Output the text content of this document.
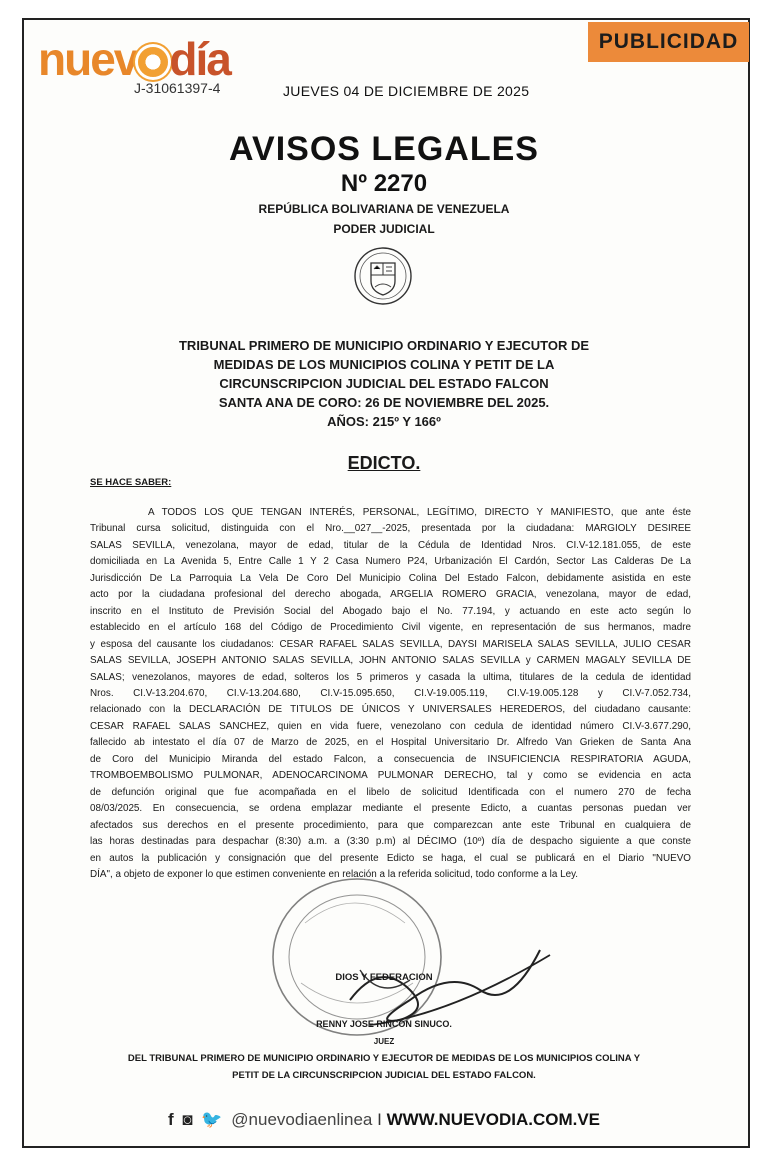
nuev día
J-31061397-4	JUEVES 04 DE DICIEMBRE DE 2025
PUBLICIDAD
AVISOS LEGALES
Nº 2270
REPÚBLICA BOLIVARIANA DE VENEZUELA
PODER JUDICIAL
TRIBUNAL PRIMERO DE MUNICIPIO ORDINARIO Y EJECUTOR DE
MEDIDAS DE LOS MUNICIPIOS COLINA Y PETIT DE LA
CIRCUNSCRIPCION JUDICIAL DEL ESTADO FALCON
SANTA ANA DE CORO: 26 DE NOVIEMBRE DEL 2025.
AÑOS: 215º Y 166º
EDICTO.
SE HACE SABER:
A TODOS LOS QUE TENGAN INTERÉS, PERSONAL, LEGÍTIMO, DIRECTO Y MANIFIESTO, que ante éste
Tribunal cursa solicitud, distinguida con el Nro.__027__-2025, presentada por la ciudadana: MARGIOLY DESIREE
SALAS SEVILLA, venezolana, mayor de edad, titular de la Cédula de Identidad Nros. CI.V-12.181.055, de este
domiciliada en La Avenida 5, Entre Calle 1 Y 2 Casa Numero P24, Urbanización El Cardón, Sector Las Calderas De La
Jurisdicción De La Parroquia La Vela De Coro Del Municipio Colina Del Estado Falcon, debidamente asistida en este
acto por la ciudadana profesional del derecho abogada, ARGELIA ROMERO GRACIA, venezolana, mayor de edad,
inscrito en el Instituto de Previsión Social del Abogado bajo el No. 77.194, y actuando en este acto según lo
establecido en el artículo 168 del Código de Procedimiento Civil vigente, en representación de sus hermanos, madre
y esposa del causante los ciudadanos: CESAR RAFAEL SALAS SEVILLA, DAYSI MARISELA SALAS SEVILLA, JULIO CESAR
SALAS SEVILLA, JOSEPH ANTONIO SALAS SEVILLA, JOHN ANTONIO SALAS SEVILLA y CARMEN MAGALY SEVILLA DE
SALAS; venezolanos, mayores de edad, solteros los 5 primeros y casada la ultima, titulares de la cedula de identidad
Nros. CI.V-13.204.670, CI.V-13.204.680, CI.V-15.095.650, CI.V-19.005.119, CI.V-19.005.128 y CI.V-7.052.734,
relacionado con la DECLARACIÓN DE TITULOS DE ÚNICOS Y UNIVERSALES HEREDEROS, del ciudadano causante:
CESAR RAFAEL SALAS SANCHEZ, quien en vida fuere, venezolano con cedula de identidad número CI.V-3.677.290,
fallecido ab intestato el día 07 de Marzo de 2025, en el Hospital Universitario Dr. Alfredo Van Grieken de Santa Ana
de Coro del Municipio Miranda del estado Falcon, a consecuencia de INSUFICIENCIA RESPIRATORIA AGUDA,
TROMBOEMBOLISMO PULMONAR, ADENOCARCINOMA PULMONAR DERECHO, tal y como se evidencia en acta
de defunción original que fue acompañada en el libelo de solicitud Identificada con el numero 270 de fecha
08/03/2025. En consecuencia, se ordena emplazar mediante el presente Edicto, a cuantas personas puedan ver
afectados sus derechos en el presente procedimiento, para que comparezcan ante este Tribunal en cualquiera de
las horas destinadas para despachar (8:30) a.m. a (3:30 p.m) al DÉCIMO (10º) día de despacho siguiente a que conste
en autos la publicación y consignación que del presente Edicto se haga, el cual se publicará en el Diario "NUEVO
DÍA", a objeto de exponer lo que estimen conveniente en relación a la referida solicitud, todo conforme a la Ley.
DIOS Y FEDERACION
RENNY JOSE RINCON SINUCO.
JUEZ
DEL TRIBUNAL PRIMERO DE MUNICIPIO ORDINARIO Y EJECUTOR DE MEDIDAS DE LOS MUNICIPIOS COLINA Y
PETIT DE LA CIRCUNSCRIPCION JUDICIAL DEL ESTADO FALCON.
f ◙ 🐦 @nuevodiaenlinea I WWW.NUEVODIA.COM.VE
